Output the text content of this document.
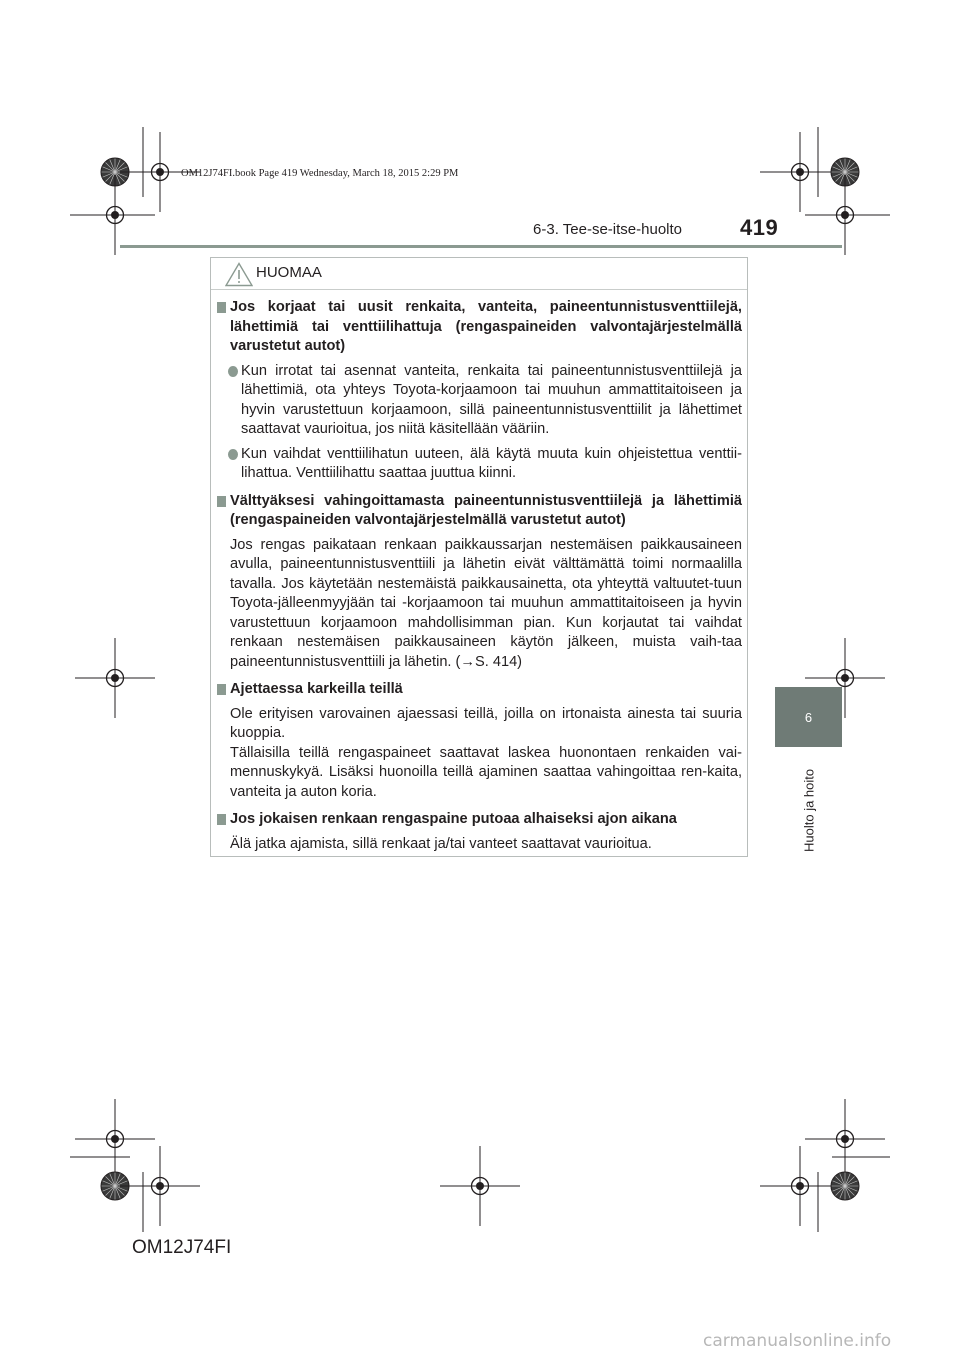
OM12J74FI.book Page 419 Wednesday, March 18, 2015 2:29 PM
6-3. Tee-se-itse-huolto	419
6
Huolto ja hoito
HUOMAA

Jos korjaat tai uusit renkaita, vanteita, paineentunnistusventtiilejä, lähettimiä tai venttiilihattuja (rengaspaineiden valvontajärjestelmällä varustetut autot)

Kun irrotat tai asennat vanteita, renkaita tai paineentunnistusventtiilejä ja lähettimiä, ota yhteys Toyota-korjaamoon tai muuhun ammattitaitoiseen ja hyvin varustettuun korjaamoon, sillä paineentunnistusventtiilit ja lähettimet saattavat vaurioitua, jos niitä käsitellään vääriin.

Kun vaihdat venttiilihatun uuteen, älä käytä muuta kuin ohjeistettua venttii-lihattua. Venttiilihattu saattaa juuttua kiinni.

Välttyäksesi vahingoittamasta paineentunnistusventtiilejä ja lähettimiä (rengaspaineiden valvontajärjestelmällä varustetut autot)

Jos rengas paikataan renkaan paikkaussarjan nestemäisen paikkausaineen avulla, paineentunnistusventtiili ja lähetin eivät välttämättä toimi normaalilla tavalla. Jos käytetään nestemäistä paikkausainetta, ota yhteyttä valtuutet-tuun Toyota-jälleenmyyjään tai -korjaamoon tai muuhun ammattitaitoiseen ja hyvin varustettuun korjaamoon mahdollisimman pian. Kun korjautat tai vaihdat renkaan nestemäisen paikkausaineen käytön jälkeen, muista vaih-taa paineentunnistusventtiili ja lähetin. (→S. 414)

Ajettaessa karkeilla teillä

Ole erityisen varovainen ajaessasi teillä, joilla on irtonaista ainesta tai suuria kuoppia.

Tällaisilla teillä rengaspaineet saattavat laskea huonontaen renkaiden vai-mennuskykyä. Lisäksi huonoilla teillä ajaminen saattaa vahingoittaa ren-kaita, vanteita ja auton koria.

Jos jokaisen renkaan rengaspaine putoaa alhaiseksi ajon aikana

Älä jatka ajamista, sillä renkaat ja/tai vanteet saattavat vaurioitua.

OM12J74FI
carmanualsonline.info
